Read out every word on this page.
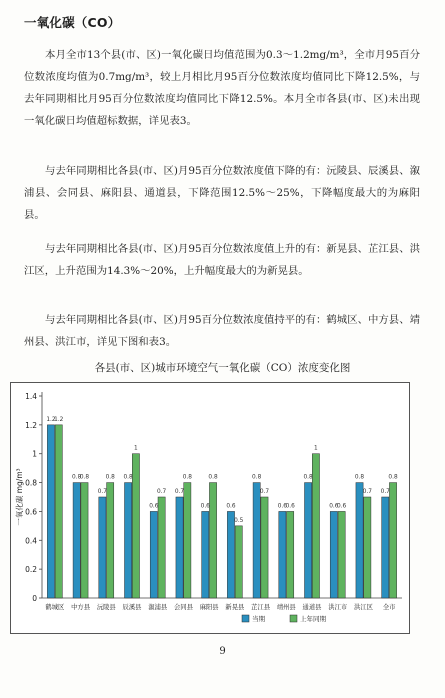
一氧化碳（CO）

本月全市13个县(市、区)一氧化碳日均值范围为0.3～1.2mg/m³，全市月95百分位数浓度均值为0.7mg/m³，较上月相比月95百分位数浓度均值同比下降12.5%，与去年同期相比月95百分位数浓度均值同比下降12.5%。本月全市各县(市、区)未出现一氧化碳日均值超标数据，详见表3。

与去年同期相比各县(市、区)月95百分位数浓度值下降的有：沅陵县、辰溪县、溆浦县、会同县、麻阳县、通道县，下降范围12.5%～25%，下降幅度最大的为麻阳县。

与去年同期相比各县(市、区)月95百分位数浓度值上升的有：新晃县、芷江县、洪江区，上升范围为14.3%～20%，上升幅度最大的为新晃县。

与去年同期相比各县(市、区)月95百分位数浓度值持平的有：鹤城区、中方县、靖州县、洪江市，详见下图和表3。

各县(市、区)城市环境空气一氧化碳（CO）浓度变化图
0
0.2
0.4
0.6
0.8
1
1.2
1.4
一氧化碳 mg/m³
1.2
1.2
鹤城区
0.8
0.8
中方县
0.7
0.8
沅陵县
0.8
1
辰溪县
0.6
0.7
溆浦县
0.7
0.8
会同县
0.6
0.8
麻阳县
0.6
0.5
新晃县
0.8
0.7
芷江县
0.6
0.6
靖州县
0.8
1
通道县
0.6
0.6
洪江市
0.8
0.7
洪江区
0.7
0.8
全市
当期	上年同期
9
